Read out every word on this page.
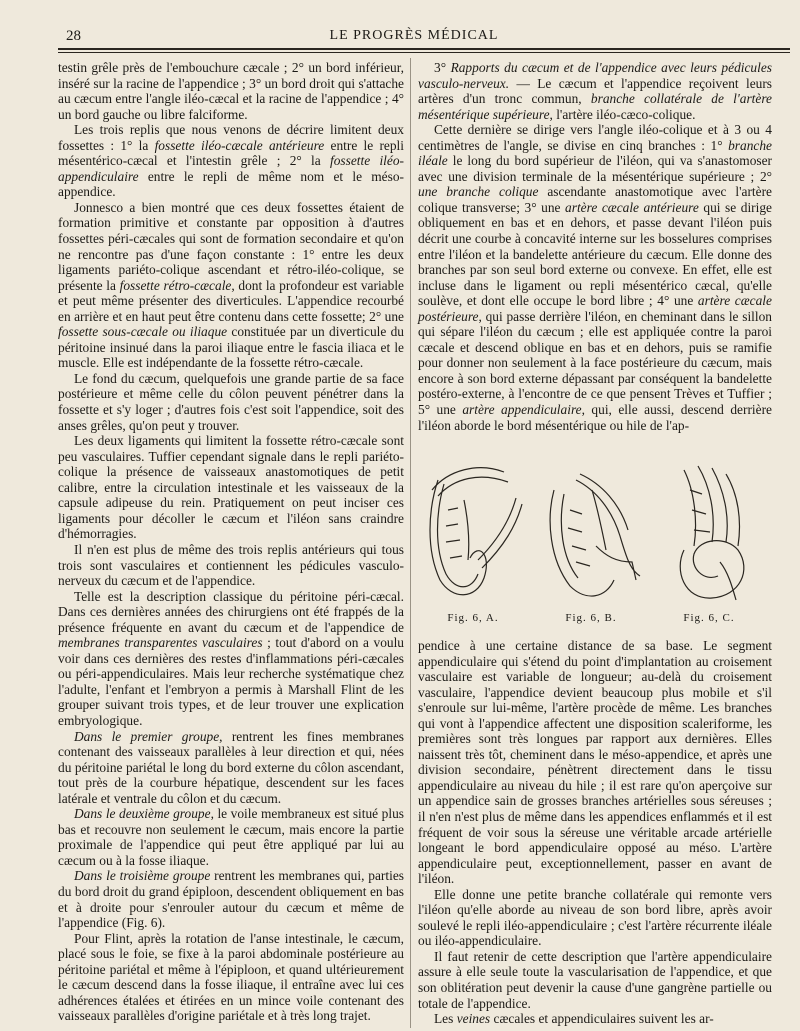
28	LE PROGRÈS MÉDICAL

testin grêle près de l'embouchure cæcale ; 2° un bord inférieur, inséré sur la racine de l'appendice ; 3° un bord droit qui s'attache au cæcum entre l'angle iléo-cæcal et la racine de l'appendice ; 4° un bord gauche ou libre falciforme.

Les trois replis que nous venons de décrire limitent deux fossettes : 1° la fossette iléo-cæcale antérieure entre le repli mésentérico-cæcal et l'intestin grêle ; 2° la fossette iléo-appendiculaire entre le repli de même nom et le méso-appendice.

Jonnesco a bien montré que ces deux fossettes étaient de formation primitive et constante par opposition à d'autres fossettes péri-cæcales qui sont de formation secondaire et qu'on ne rencontre pas d'une façon constante : 1° entre les deux ligaments pariéto-colique ascendant et rétro-iléo-colique, se présente la fossette rétro-cæcale, dont la profondeur est variable et peut même présenter des diverticules. L'appendice recourbé en arrière et en haut peut être contenu dans cette fossette; 2° une fossette sous-cæcale ou iliaque constituée par un diverticule du péritoine insinué dans la paroi iliaque entre le fascia iliaca et le muscle. Elle est indépendante de la fossette rétro-cæcale.

Le fond du cæcum, quelquefois une grande partie de sa face postérieure et même celle du côlon peuvent pénétrer dans la fossette et s'y loger ; d'autres fois c'est soit l'appendice, soit des anses grêles, qu'on peut y trouver.

Les deux ligaments qui limitent la fossette rétro-cæcale sont peu vasculaires. Tuffier cependant signale dans le repli pariéto-colique la présence de vaisseaux anastomotiques de petit calibre, entre la circulation intestinale et les vaisseaux de la capsule adipeuse du rein. Pratiquement on peut inciser ces ligaments pour décoller le cæcum et l'iléon sans craindre d'hémorragies.

Il n'en est plus de même des trois replis antérieurs qui tous trois sont vasculaires et contiennent les pédicules vasculo-nerveux du cæcum et de l'appendice.

Telle est la description classique du péritoine péri-cæcal. Dans ces dernières années des chirurgiens ont été frappés de la présence fréquente en avant du cæcum et de l'appendice de membranes transparentes vasculaires ; tout d'abord on a voulu voir dans ces dernières des restes d'inflammations péri-cæcales ou péri-appendiculaires. Mais leur recherche systématique chez l'adulte, l'enfant et l'embryon a permis à Marshall Flint de les grouper suivant trois types, et de leur trouver une explication embryologique.

Dans le premier groupe, rentrent les fines membranes contenant des vaisseaux parallèles à leur direction et qui, nées du péritoine pariétal le long du bord externe du côlon ascendant, tout près de la courbure hépatique, descendent sur les faces latérale et ventrale du côlon et du cæcum.

Dans le deuxième groupe, le voile membraneux est situé plus bas et recouvre non seulement le cæcum, mais encore la partie proximale de l'appendice qui peut être appliqué par lui au cæcum ou à la fosse iliaque.

Dans le troisième groupe rentrent les membranes qui, parties du bord droit du grand épiploon, descendent obliquement en bas et à droite pour s'enrouler autour du cæcum et même de l'appendice (Fig. 6).

Pour Flint, après la rotation de l'anse intestinale, le cæcum, placé sous le foie, se fixe à la paroi abdominale postérieure au péritoine pariétal et même à l'épiploon, et quand ultérieurement le cæcum descend dans la fosse iliaque, il entraîne avec lui ces adhérences étalées et étirées en un mince voile contenant des vaisseaux parallèles d'origine pariétale et à très long trajet.

3° Rapports du cæcum et de l'appendice avec leurs pédicules vasculo-nerveux. — Le cæcum et l'appendice reçoivent leurs artères d'un tronc commun, branche collatérale de l'artère mésentérique supérieure, l'artère iléo-cæco-colique.

Cette dernière se dirige vers l'angle iléo-colique et à 3 ou 4 centimètres de l'angle, se divise en cinq branches : 1° branche iléale le long du bord supérieur de l'iléon, qui va s'anastomoser avec une division terminale de la mésentérique supérieure ; 2° une branche colique ascendante anastomotique avec l'artère colique transverse; 3° une artère cæcale antérieure qui se dirige obliquement en bas et en dehors, et passe devant l'iléon puis décrit une courbe à concavité interne sur les bosselures comprises entre l'iléon et la bandelette antérieure du cæcum. Elle donne des branches par son seul bord externe ou convexe. En effet, elle est incluse dans le ligament ou repli mésentérico cæcal, qu'elle soulève, et dont elle occupe le bord libre ; 4° une artère cæcale postérieure, qui passe derrière l'iléon, en cheminant dans le sillon qui sépare l'iléon du cæcum ; elle est appliquée contre la paroi cæcale et descend oblique en bas et en dehors, puis se ramifie pour donner non seulement à la face postérieure du cæcum, mais encore à son bord externe dépassant par conséquent la bandelette postéro-externe, à l'encontre de ce que pensent Trèves et Tuffier ; 5° une artère appendiculaire, qui, elle aussi, descend derrière l'iléon aborde le bord mésentérique ou hile de l'ap-

Fig. 6, A.	Fig. 6, B.	Fig. 6, C.

pendice à une certaine distance de sa base. Le segment appendiculaire qui s'étend du point d'implantation au croisement vasculaire est variable de longueur; au-delà du croisement vasculaire, l'appendice devient beaucoup plus mobile et s'il s'enroule sur lui-même, l'artère procède de même. Les branches qui vont à l'appendice affectent une disposition scaleriforme, les premières sont très longues par rapport aux dernières. Elles naissent très tôt, cheminent dans le méso-appendice, et après une division secondaire, pénètrent directement dans le tissu appendiculaire au niveau du hile ; il est rare qu'on aperçoive sur un appendice sain de grosses branches artérielles sous séreuses ; il n'en n'est plus de même dans les appendices enflammés et il est fréquent de voir sous la séreuse une véritable arcade artérielle longeant le bord appendiculaire opposé au méso. L'artère appendiculaire peut, exceptionnellement, passer en avant de l'iléon.

Elle donne une petite branche collatérale qui remonte vers l'iléon qu'elle aborde au niveau de son bord libre, après avoir soulevé le repli iléo-appendiculaire ; c'est l'artère récurrente iléale ou iléo-appendiculaire.

Il faut retenir de cette description que l'artère appendiculaire assure à elle seule toute la vascularisation de l'appendice, et que son oblitération peut devenir la cause d'une gangrène partielle ou totale de l'appendice.

Les veines cæcales et appendiculaires suivent les ar-
